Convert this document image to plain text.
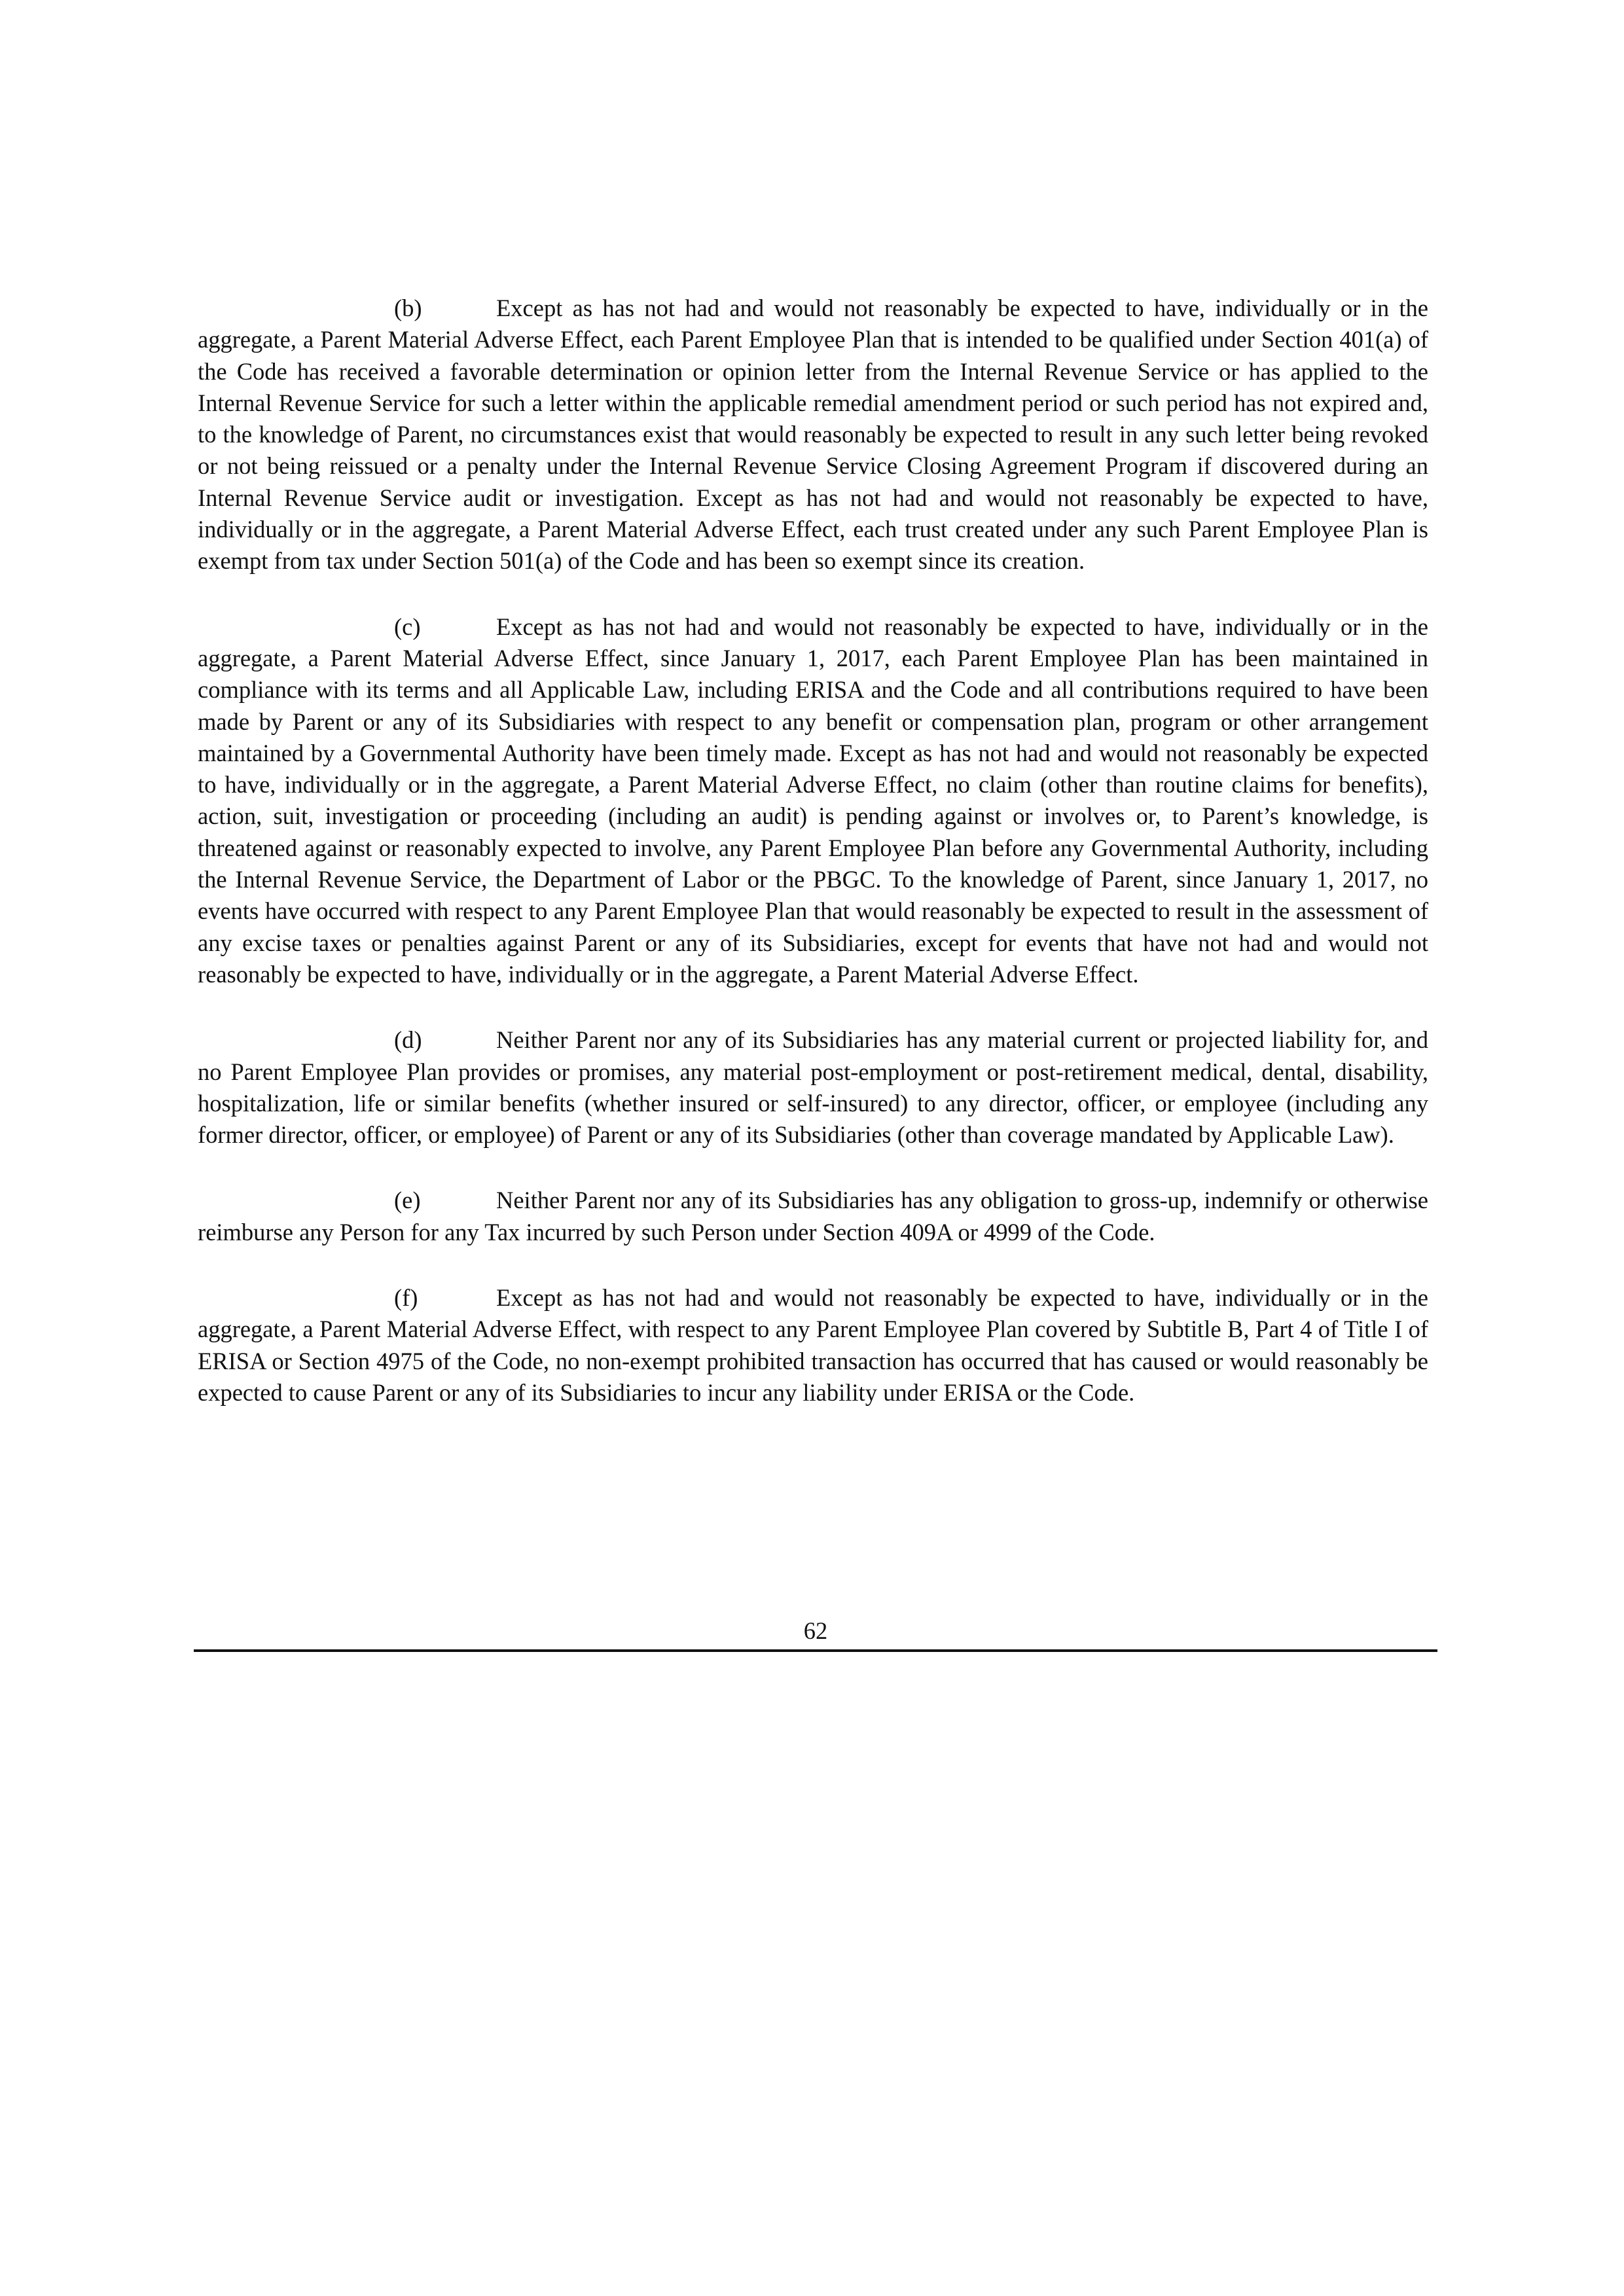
(b)	Except as has not had and would not reasonably be expected to have, individually or in the aggregate, a Parent Material Adverse Effect, each Parent Employee Plan that is intended to be qualified under Section 401(a) of the Code has received a favorable determination or opinion letter from the Internal Revenue Service or has applied to the Internal Revenue Service for such a letter within the applicable remedial amendment period or such period has not expired and, to the knowledge of Parent, no circumstances exist that would reasonably be expected to result in any such letter being revoked or not being reissued or a penalty under the Internal Revenue Service Closing Agreement Program if discovered during an Internal Revenue Service audit or investigation. Except as has not had and would not reasonably be expected to have, individually or in the aggregate, a Parent Material Adverse Effect, each trust created under any such Parent Employee Plan is exempt from tax under Section 501(a) of the Code and has been so exempt since its creation.

(c)	Except as has not had and would not reasonably be expected to have, individually or in the aggregate, a Parent Material Adverse Effect, since January 1, 2017, each Parent Employee Plan has been maintained in compliance with its terms and all Applicable Law, including ERISA and the Code and all contributions required to have been made by Parent or any of its Subsidiaries with respect to any benefit or compensation plan, program or other arrangement maintained by a Governmental Authority have been timely made. Except as has not had and would not reasonably be expected to have, individually or in the aggregate, a Parent Material Adverse Effect, no claim (other than routine claims for benefits), action, suit, investigation or proceeding (including an audit) is pending against or involves or, to Parent’s knowledge, is threatened against or reasonably expected to involve, any Parent Employee Plan before any Governmental Authority, including the Internal Revenue Service, the Department of Labor or the PBGC. To the knowledge of Parent, since January 1, 2017, no events have occurred with respect to any Parent Employee Plan that would reasonably be expected to result in the assessment of any excise taxes or penalties against Parent or any of its Subsidiaries, except for events that have not had and would not reasonably be expected to have, individually or in the aggregate, a Parent Material Adverse Effect.

(d)	Neither Parent nor any of its Subsidiaries has any material current or projected liability for, and no Parent Employee Plan provides or promises, any material post-employment or post-retirement medical, dental, disability, hospitalization, life or similar benefits (whether insured or self-insured) to any director, officer, or employee (including any former director, officer, or employee) of Parent or any of its Subsidiaries (other than coverage mandated by Applicable Law).

(e)	Neither Parent nor any of its Subsidiaries has any obligation to gross-up, indemnify or otherwise reimburse any Person for any Tax incurred by such Person under Section 409A or 4999 of the Code.

(f)	Except as has not had and would not reasonably be expected to have, individually or in the aggregate, a Parent Material Adverse Effect, with respect to any Parent Employee Plan covered by Subtitle B, Part 4 of Title I of ERISA or Section 4975 of the Code, no non-exempt prohibited transaction has occurred that has caused or would reasonably be expected to cause Parent or any of its Subsidiaries to incur any liability under ERISA or the Code.

62
